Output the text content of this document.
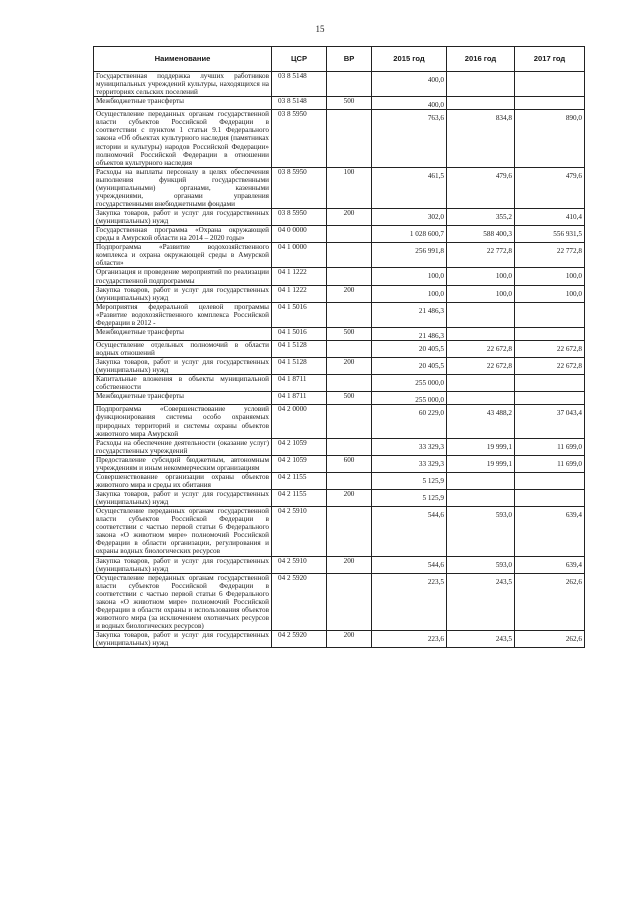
15
Наименование	ЦСР	ВР	2015 год	2016 год	2017 год
Государственная поддержка лучших работников муниципальных учреждений культуры, находящихся на территориях сельских поселений	03 8 5148		400,0		
Межбюджетные трансферты	03 8 5148	500	400,0		
Осуществление переданных органам государственной власти субъектов Российской Федерации в соответствии с пунктом 1 статьи 9.1 Федерального закона «Об объектах культурного наследия (памятниках истории и культуры) народов Российской Федерации» полномочий Российской Федерации в отношении объектов культурного наследия	03 8 5950		763,6	834,8	890,0
Расходы на выплаты персоналу в целях обеспечения выполнения функций государственными (муниципальными) органами, казенными учреждениями, органами управления государственными внебюджетными фондами	03 8 5950	100	461,5	479,6	479,6
Закупка товаров, работ и услуг для государственных (муниципальных) нужд	03 8 5950	200	302,0	355,2	410,4
Государственная программа «Охрана окружающей среды в Амурской области на 2014 – 2020 годы»	04 0 0000		1 028 600,7	588 400,3	556 931,5
Подпрограмма «Развитие водохозяйственного комплекса и охрана окружающей среды в Амурской области»	04 1 0000		256 991,8	22 772,8	22 772,8
Организация и проведение мероприятий по реализации государственной подпрограммы	04 1 1222		100,0	100,0	100,0
Закупка товаров, работ и услуг для государственных (муниципальных) нужд	04 1 1222	200	100,0	100,0	100,0
Мероприятия федеральной целевой программы «Развитие водохозяйственного комплекса Российской Федерации в 2012 -	04 1 5016		21 486,3		
Межбюджетные трансферты	04 1 5016	500	21 486,3		
Осуществление отдельных полномочий в области водных отношений	04 1 5128		20 405,5	22 672,8	22 672,8
Закупка товаров, работ и услуг для государственных (муниципальных) нужд	04 1 5128	200	20 405,5	22 672,8	22 672,8
Капитальные вложения в объекты муниципальной собственности	04 1 8711		255 000,0		
Межбюджетные трансферты	04 1 8711	500	255 000,0		
Подпрограмма «Совершенствование условий функционирования системы особо охраняемых природных территорий и системы охраны объектов животного мира Амурской	04 2 0000		60 229,0	43 488,2	37 043,4
Расходы на обеспечение деятельности (оказание услуг) государственных учреждений	04 2 1059		33 329,3	19 999,1	11 699,0
Предоставление субсидий бюджетным, автономным учреждениям и иным некоммерческим организациям	04 2 1059	600	33 329,3	19 999,1	11 699,0
Совершенствование организации охраны объектов животного мира и среды их обитания	04 2 1155		5 125,9		
Закупка товаров, работ и услуг для государственных (муниципальных) нужд	04 2 1155	200	5 125,9		
Осуществление переданных органам государственной власти субъектов Российской Федерации в соответствии с частью первой статьи 6 Федерального закона «О животном мире» полномочий Российской Федерации в области организации, регулирования и охраны водных биологических ресурсов	04 2 5910		544,6	593,0	639,4
Закупка товаров, работ и услуг для государственных (муниципальных) нужд	04 2 5910	200	544,6	593,0	639,4
Осуществление переданных органам государственной власти субъектов Российской Федерации в соответствии с частью первой статьи 6 Федерального закона «О животном мире» полномочий Российской Федерации в области охраны и использования объектов животного мира (за исключением охотничьих ресурсов и водных биологических ресурсов)	04 2 5920		223,5	243,5	262,6
Закупка товаров, работ и услуг для государственных (муниципальных) нужд	04 2 5920	200	223,6	243,5	262,6
